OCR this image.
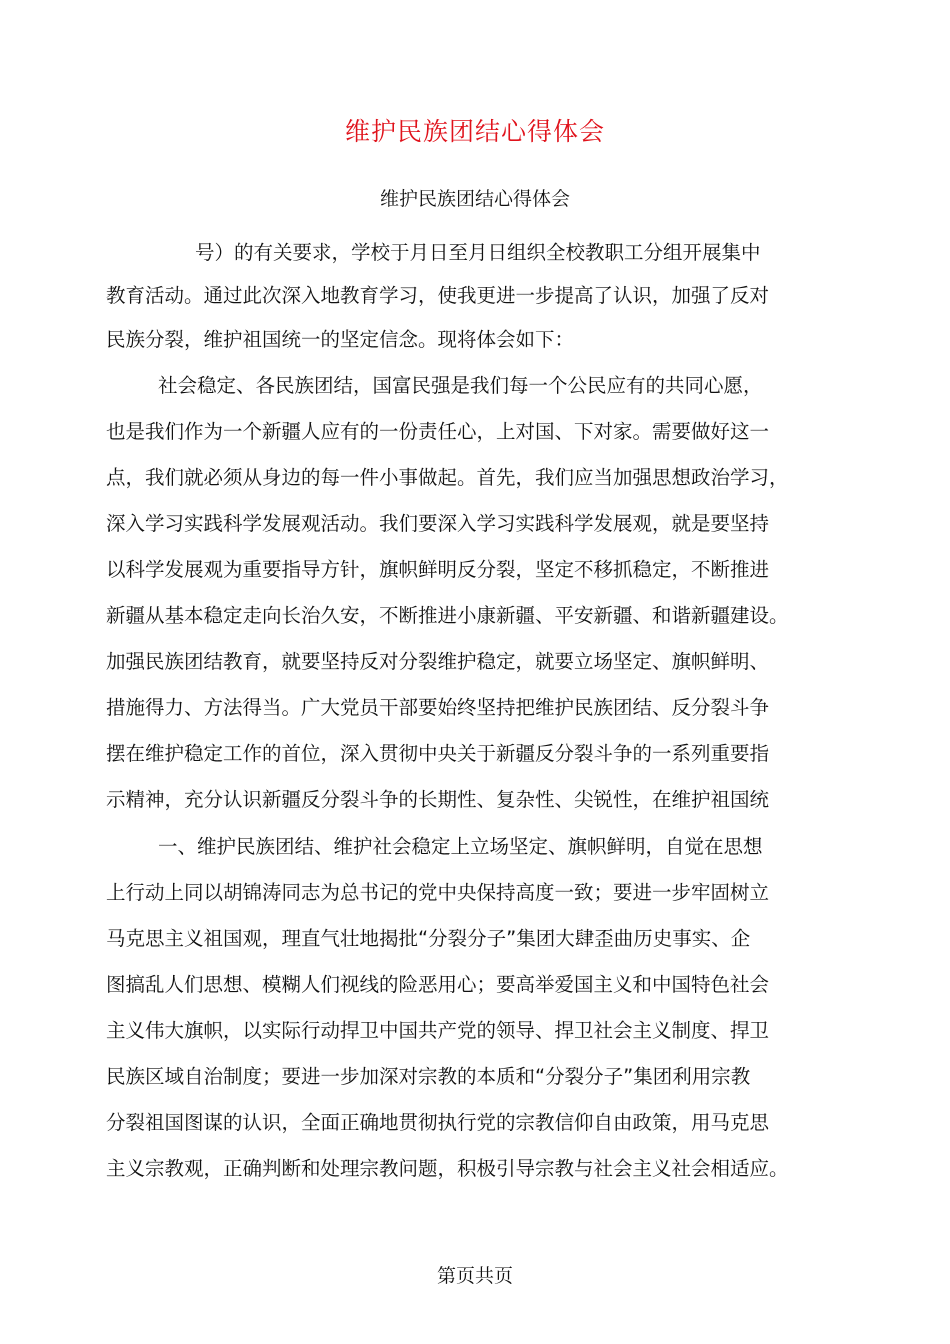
维护民族团结心得体会
维护民族团结心得体会
号）的有关要求，学校于月日至月日组织全校教职工分组开展集中
教育活动。通过此次深入地教育学习，使我更进一步提高了认识，加强了反对
民族分裂，维护祖国统一的坚定信念。现将体会如下：
社会稳定、各民族团结，国富民强是我们每一个公民应有的共同心愿，
也是我们作为一个新疆人应有的一份责任心，上对国、下对家。需要做好这一
点，我们就必须从身边的每一件小事做起。首先，我们应当加强思想政治学习，
深入学习实践科学发展观活动。我们要深入学习实践科学发展观，就是要坚持
以科学发展观为重要指导方针，旗帜鲜明反分裂，坚定不移抓稳定，不断推进
新疆从基本稳定走向长治久安，不断推进小康新疆、平安新疆、和谐新疆建设。
加强民族团结教育，就要坚持反对分裂维护稳定，就要立场坚定、旗帜鲜明、
措施得力、方法得当。广大党员干部要始终坚持把维护民族团结、反分裂斗争
摆在维护稳定工作的首位，深入贯彻中央关于新疆反分裂斗争的一系列重要指
示精神，充分认识新疆反分裂斗争的长期性、复杂性、尖锐性，在维护祖国统
一、维护民族团结、维护社会稳定上立场坚定、旗帜鲜明，自觉在思想
上行动上同以胡锦涛同志为总书记的党中央保持高度一致；要进一步牢固树立
马克思主义祖国观，理直气壮地揭批“分裂分子”集团大肆歪曲历史事实、企
图搞乱人们思想、模糊人们视线的险恶用心；要高举爱国主义和中国特色社会
主义伟大旗帜，以实际行动捍卫中国共产党的领导、捍卫社会主义制度、捍卫
民族区域自治制度；要进一步加深对宗教的本质和“分裂分子”集团利用宗教
分裂祖国图谋的认识，全面正确地贯彻执行党的宗教信仰自由政策，用马克思
主义宗教观，正确判断和处理宗教问题，积极引导宗教与社会主义社会相适应。
第页共页
